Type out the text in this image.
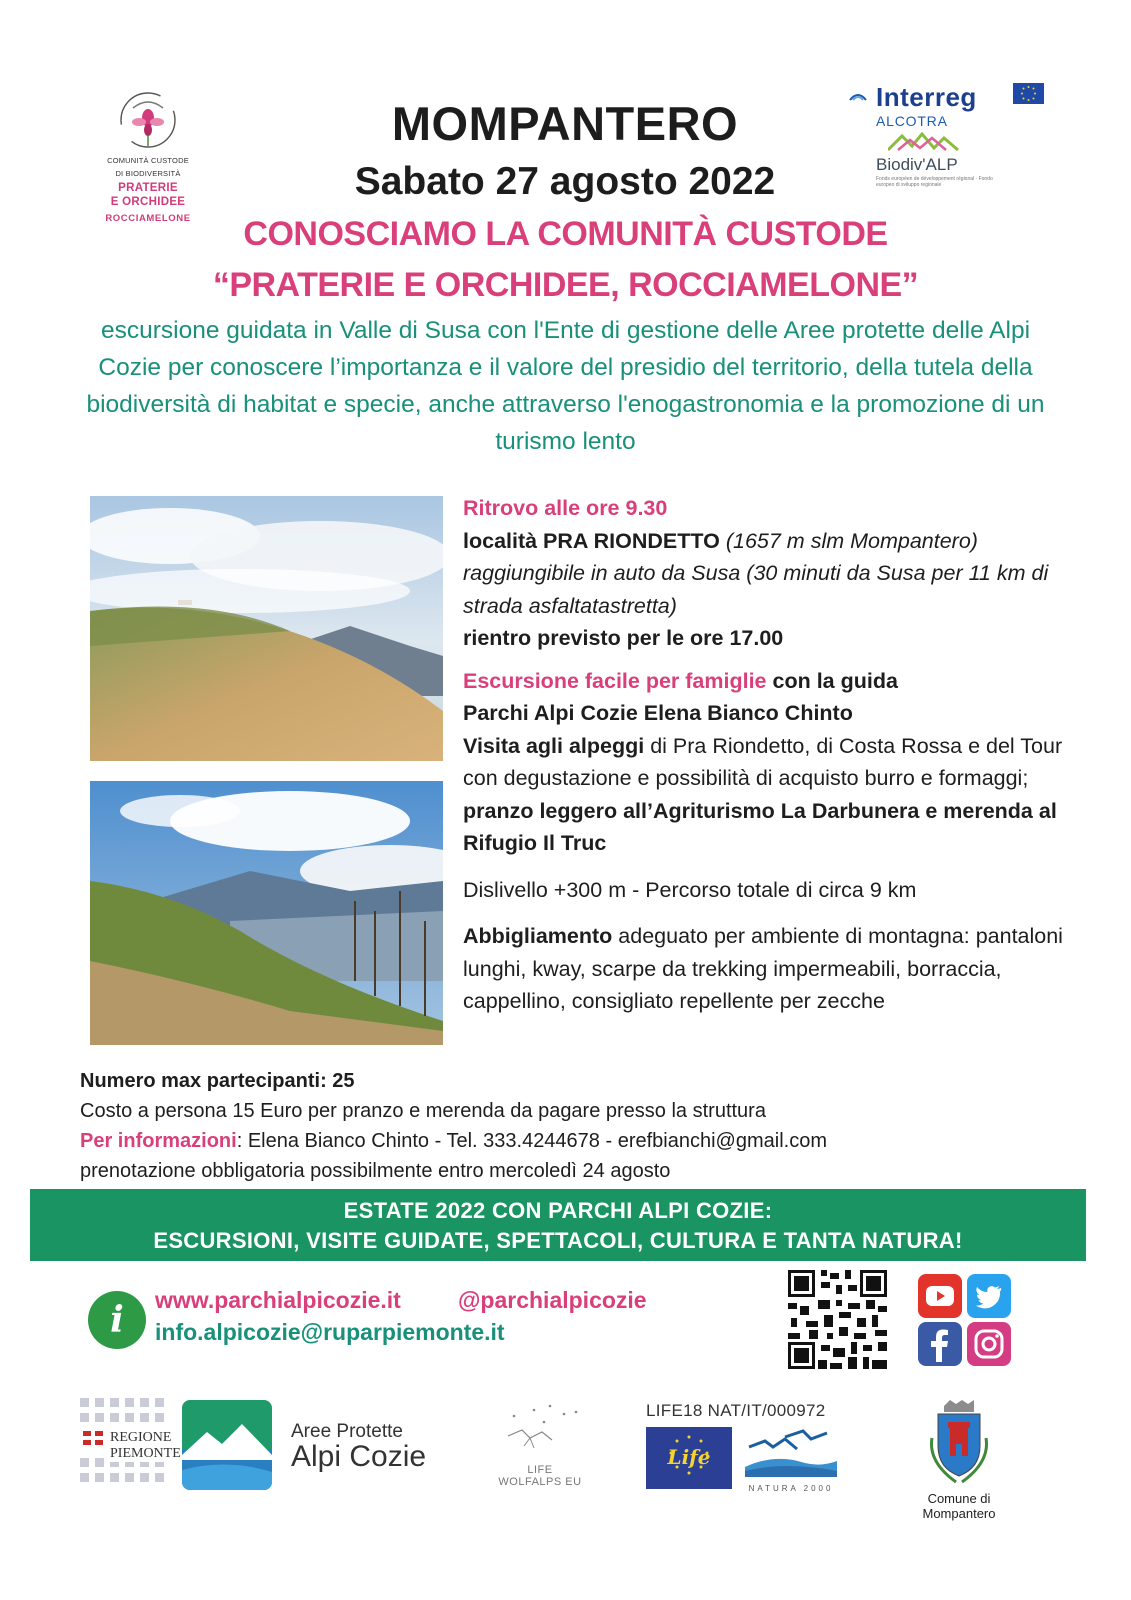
COMUNITÀ CUSTODE
DI BIODIVERSITÀ
PRATERIE
E ORCHIDEE
ROCCIAMELONE
Interreg
ALCOTRA
Biodiv'ALP
Fonds européen de développement régional · Fondo europeo di sviluppo regionale
MOMPANTERO
Sabato 27 agosto 2022
CONOSCIAMO LA COMUNITÀ CUSTODE
“PRATERIE E ORCHIDEE, ROCCIAMELONE”
escursione guidata in Valle di Susa con l'Ente di gestione delle Aree protette delle Alpi Cozie per conoscere l’importanza e il valore del presidio del territorio, della tutela della biodiversità di habitat e specie, anche attraverso l'enogastronomia e la promozione di un turismo lento
Ritrovo alle ore 9.30
località PRA RIONDETTO (1657 m slm Mompantero) raggiungibile in auto da Susa (30 minuti da Susa per 11 km di strada asfaltatastretta)
rientro previsto per le ore 17.00
Escursione facile per famiglie con la guida
Parchi Alpi Cozie Elena Bianco Chinto
Visita agli alpeggi di Pra Riondetto, di Costa Rossa e del Tour con degustazione e possibilità di acquisto burro e formaggi;
pranzo leggero all’Agriturismo La Darbunera e merenda al Rifugio Il Truc
Dislivello +300 m - Percorso totale di circa 9 km
Abbigliamento adeguato per ambiente di montagna: pantaloni lunghi, kway, scarpe da trekking impermeabili, borraccia, cappellino, consigliato repellente per zecche
Numero max partecipanti: 25
Costo a persona 15 Euro per pranzo e merenda da pagare presso la struttura
Per informazioni: Elena Bianco Chinto - Tel. 333.4244678 - erefbianchi@gmail.com
prenotazione obbligatoria possibilmente entro mercoledì 24 agosto
ESTATE 2022 CON PARCHI ALPI COZIE:
ESCURSIONI, VISITE GUIDATE, SPETTACOLI, CULTURA E TANTA NATURA!
i	www.parchialpicozie.it @parchialpicozie
info.alpicozie@ruparpiemonte.it
REGIONE
PIEMONTE
Aree Protette
Alpi Cozie	LIFE WOLFALPS EU
LIFE18 NAT/IT/000972
Life
NATURA 2000
Comune di
Mompantero
